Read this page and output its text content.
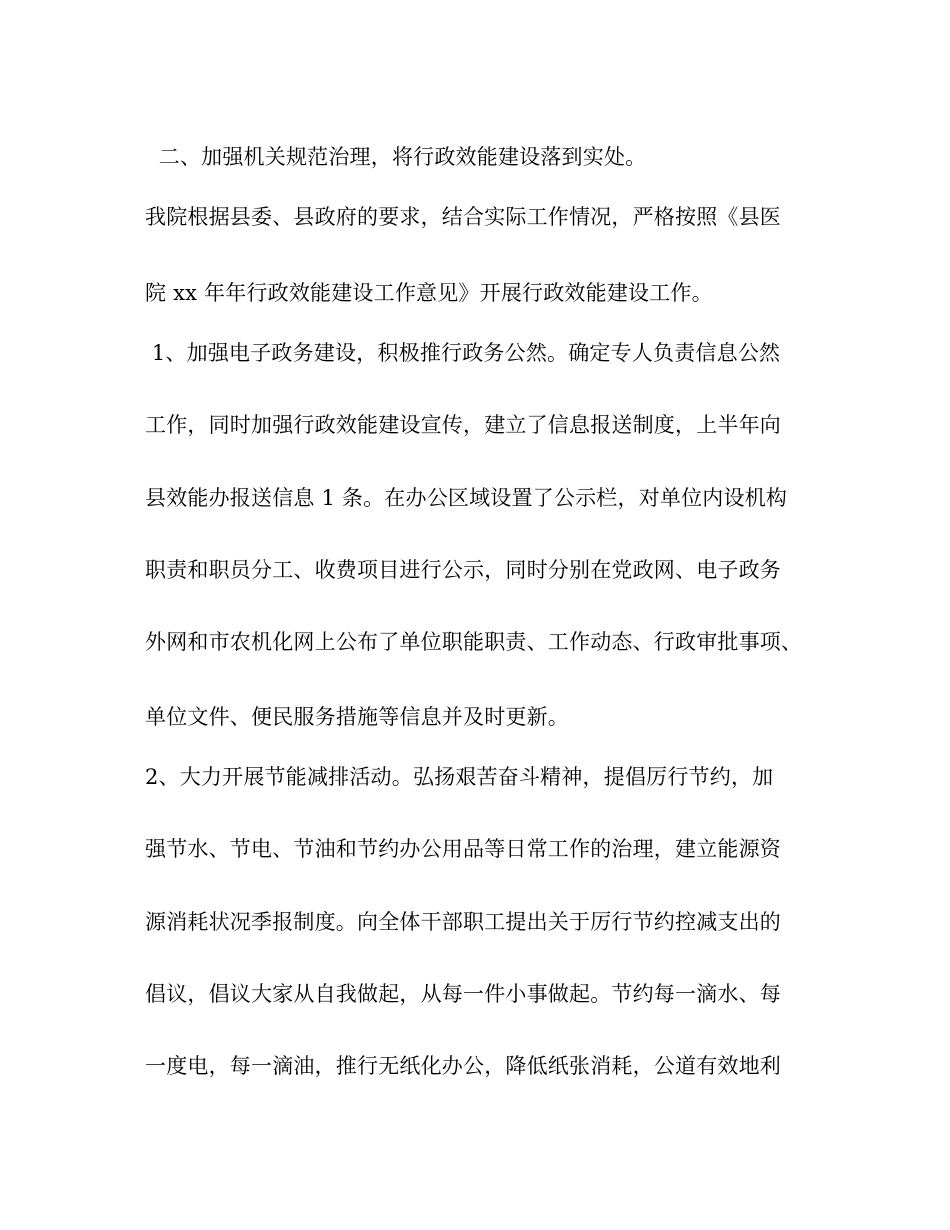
二、加强机关规范治理，将行政效能建设落到实处。
我院根据县委、县政府的要求，结合实际工作情况，严格按照《县医
院 xx 年年行政效能建设工作意见》开展行政效能建设工作。
1、加强电子政务建设，积极推行政务公然。确定专人负责信息公然
工作，同时加强行政效能建设宣传，建立了信息报送制度，上半年向
县效能办报送信息 1 条。在办公区域设置了公示栏，对单位内设机构
职责和职员分工、收费项目进行公示，同时分别在党政网、电子政务
外网和市农机化网上公布了单位职能职责、工作动态、行政审批事项、
单位文件、便民服务措施等信息并及时更新。
2、大力开展节能减排活动。弘扬艰苦奋斗精神，提倡厉行节约，加
强节水、节电、节油和节约办公用品等日常工作的治理，建立能源资
源消耗状况季报制度。向全体干部职工提出关于厉行节约控减支出的
倡议，倡议大家从自我做起，从每一件小事做起。节约每一滴水、每
一度电，每一滴油，推行无纸化办公，降低纸张消耗，公道有效地利
